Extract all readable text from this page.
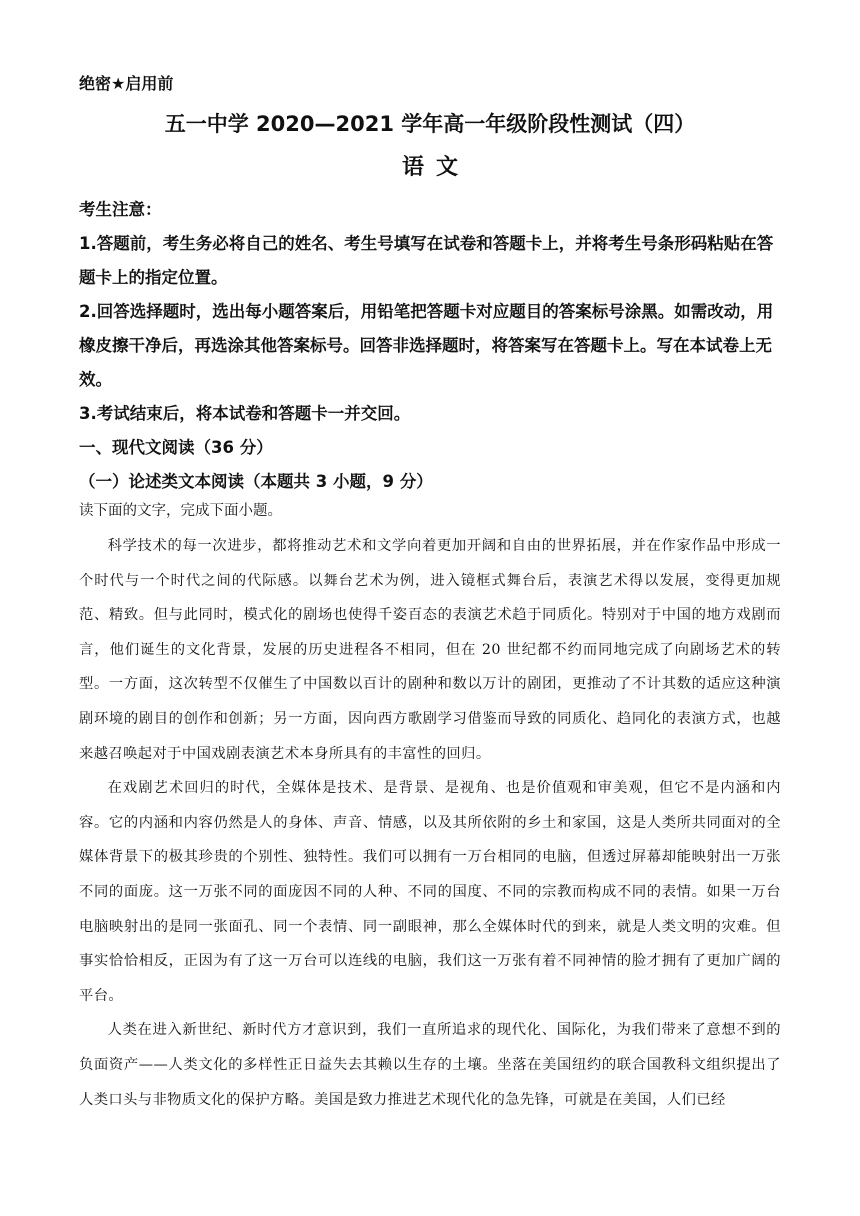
绝密★启用前
五一中学 2020—2021 学年高一年级阶段性测试（四）
语文
考生注意：
1.答题前，考生务必将自己的姓名、考生号填写在试卷和答题卡上，并将考生号条形码粘贴在答题卡上的指定位置。
2.回答选择题时，选出每小题答案后，用铅笔把答题卡对应题目的答案标号涂黑。如需改动，用橡皮擦干净后，再选涂其他答案标号。回答非选择题时，将答案写在答题卡上。写在本试卷上无效。
3.考试结束后，将本试卷和答题卡一并交回。
一、现代文阅读（36 分）
（一）论述类文本阅读（本题共 3 小题，9 分）
读下面的文字，完成下面小题。

科学技术的每一次进步，都将推动艺术和文学向着更加开阔和自由的世界拓展，并在作家作品中形成一个时代与一个时代之间的代际感。以舞台艺术为例，进入镜框式舞台后，表演艺术得以发展，变得更加规范、精致。但与此同时，模式化的剧场也使得千姿百态的表演艺术趋于同质化。特别对于中国的地方戏剧而言，他们诞生的文化背景，发展的历史进程各不相同，但在 20 世纪都不约而同地完成了向剧场艺术的转型。一方面，这次转型不仅催生了中国数以百计的剧种和数以万计的剧团，更推动了不计其数的适应这种演剧环境的剧目的创作和创新；另一方面，因向西方歌剧学习借鉴而导致的同质化、趋同化的表演方式，也越来越召唤起对于中国戏剧表演艺术本身所具有的丰富性的回归。

在戏剧艺术回归的时代，全媒体是技术、是背景、是视角、也是价值观和审美观，但它不是内涵和内容。它的内涵和内容仍然是人的身体、声音、情感，以及其所依附的乡土和家国，这是人类所共同面对的全媒体背景下的极其珍贵的个别性、独特性。我们可以拥有一万台相同的电脑，但透过屏幕却能映射出一万张不同的面庞。这一万张不同的面庞因不同的人种、不同的国度、不同的宗教而构成不同的表情。如果一万台电脑映射出的是同一张面孔、同一个表情、同一副眼神，那么全媒体时代的到来，就是人类文明的灾难。但事实恰恰相反，正因为有了这一万台可以连线的电脑，我们这一万张有着不同神情的脸才拥有了更加广阔的平台。

人类在进入新世纪、新时代方才意识到，我们一直所追求的现代化、国际化，为我们带来了意想不到的负面资产——人类文化的多样性正日益失去其赖以生存的土壤。坐落在美国纽约的联合国教科文组织提出了人类口头与非物质文化的保护方略。美国是致力推进艺术现代化的急先锋，可就是在美国，人们已经
